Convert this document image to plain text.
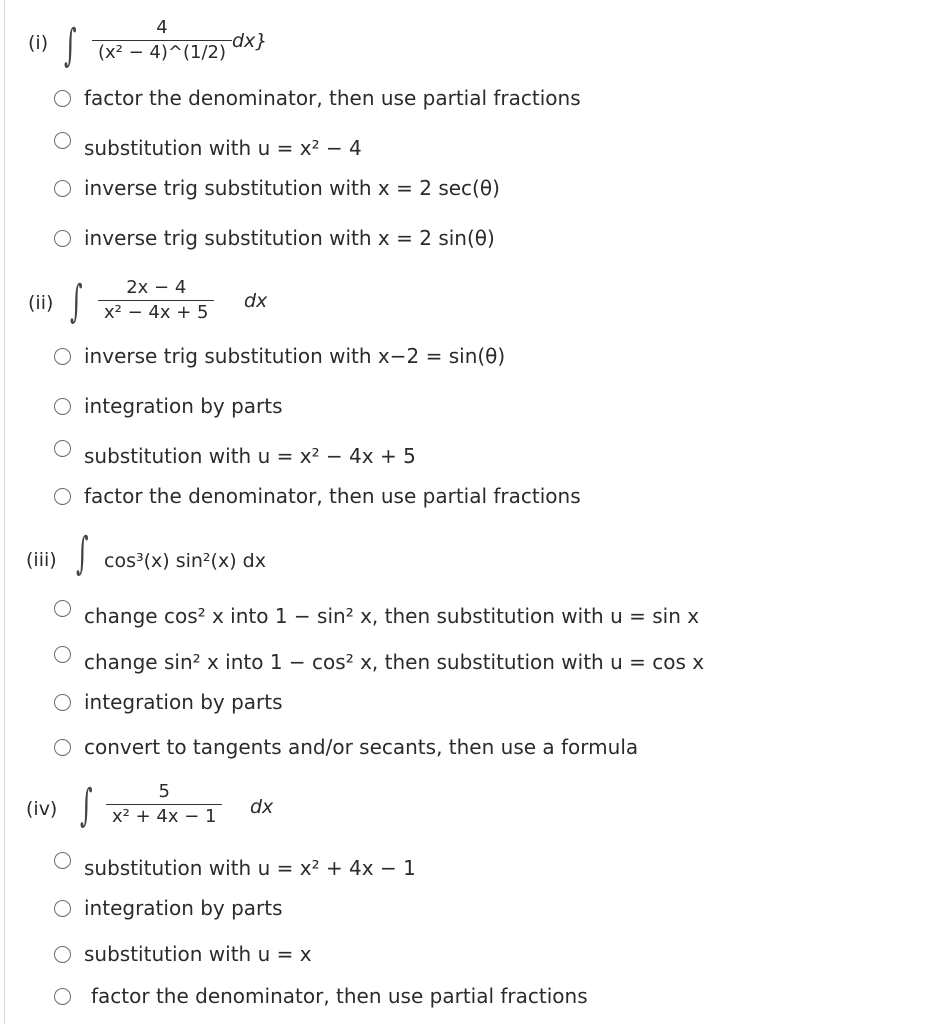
(i) ∫ $\frac{4}{\text{(x² − 4)\textasciicircum{}(1/2)}} dx$}
factor the denominator, then use partial fractions
substitution with u = x² − 4
inverse trig substitution with x = 2 sec(θ)
inverse trig substitution with x = 2 sin(θ)
(ii) ∫ $\frac{2x - 4}{\text{x² − 4x + 5}}$ dx
inverse trig substitution with x−2 = sin(θ)
integration by parts
substitution with u = x² − 4x + 5
factor the denominator, then use partial fractions
(iii) ∫ cos³(x) sin²(x) dx
change cos² x into 1 − sin² x, then substitution with u = sin x
change sin² x into 1 − cos² x, then substitution with u = cos x
integration by parts
convert to tangents and/or secants, then use a formula
(iv) ∫ $\frac{5}{\text{x² + 4x − 1}}$ dx
substitution with u = x² + 4x − 1
integration by parts
substitution with u = x
factor the denominator, then use partial fractions
